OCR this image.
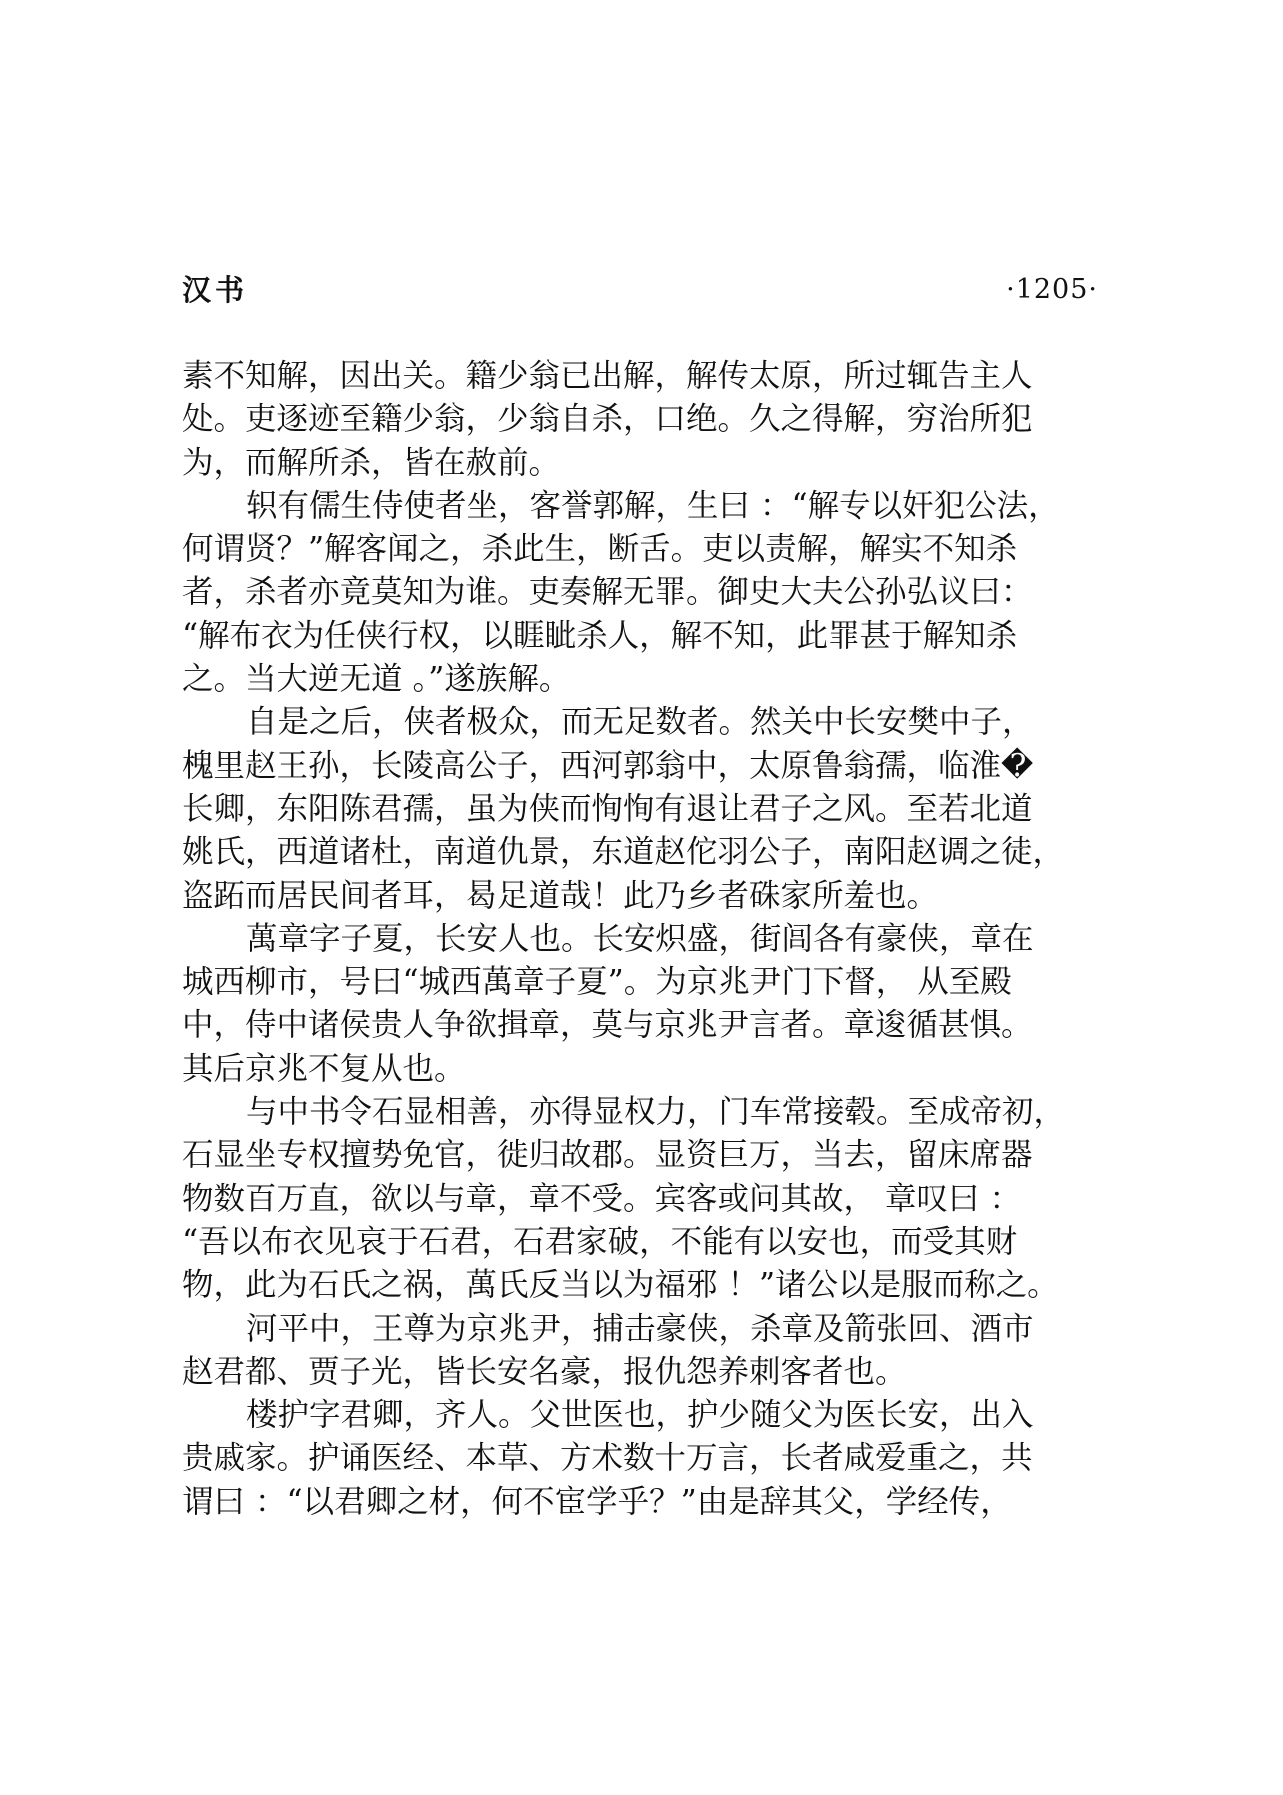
汉书	·1205·
素不知解，因出关。籍少翁已出解，解传太原，所过辄告主人
处。吏逐迹至籍少翁，少翁自杀，口绝。久之得解，穷治所犯
为，而解所杀，皆在赦前。
轵有儒生侍使者坐，客誉郭解，生曰 ：“解专以奸犯公法，
何谓贤？”解客闻之，杀此生，断舌。吏以责解，解实不知杀
者，杀者亦竟莫知为谁。吏奏解无罪。御史大夫公孙弘议曰：
“解布衣为任侠行权，以睚眦杀人，解不知，此罪甚于解知杀
之。当大逆无道 。”遂族解。
自是之后，侠者极众，而无足数者。然关中长安樊中子，
槐里赵王孙，长陵高公子，西河郭翁中，太原鲁翁孺，临淮�
长卿，东阳陈君孺，虽为侠而恂恂有退让君子之风。至若北道
姚氏，西道诸杜，南道仇景，东道赵佗羽公子，南阳赵调之徒，
盗跖而居民间者耳，曷足道哉！此乃乡者硃家所羞也。
萬章字子夏，长安人也。长安炽盛，街闾各有豪侠，章在
城西柳市，号曰“城西萬章子夏”。为京兆尹门下督， 从至殿
中，侍中诸侯贵人争欲揖章，莫与京兆尹言者。章逡循甚惧。
其后京兆不复从也。
与中书令石显相善，亦得显权力，门车常接毂。至成帝初，
石显坐专权擅势免官，徙归故郡。显资巨万，当去，留床席器
物数百万直，欲以与章，章不受。宾客或问其故， 章叹曰 ：
“吾以布衣见哀于石君，石君家破，不能有以安也，而受其财
物，此为石氏之祸，萬氏反当以为福邪 ！”诸公以是服而称之。
河平中，王尊为京兆尹，捕击豪侠，杀章及箭张回、酒市
赵君都、贾子光，皆长安名豪，报仇怨养刺客者也。
楼护字君卿，齐人。父世医也，护少随父为医长安，出入
贵戚家。护诵医经、本草、方术数十万言，长者咸爱重之，共
谓曰 ：“以君卿之材，何不宦学乎？”由是辞其父，学经传，
